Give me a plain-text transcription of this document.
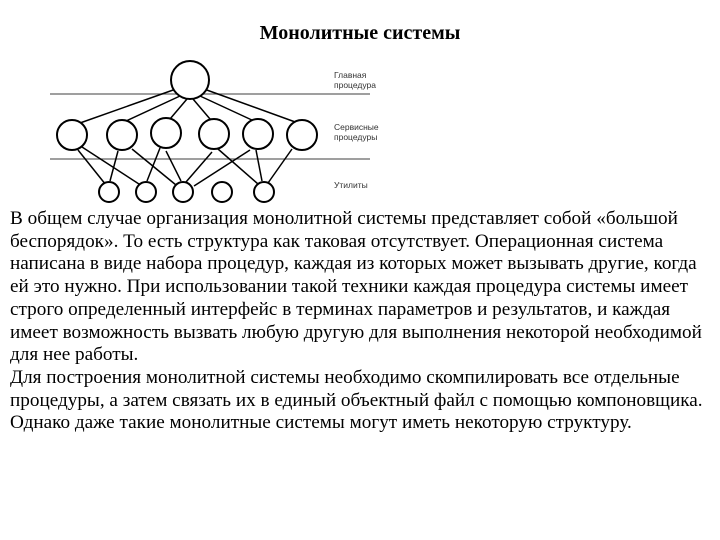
Монолитные системы
Главная процедура
Сервисные процедуры
Утилиты

В общем случае организация монолитной системы представляет собой «большой беспорядок». То есть структура как таковая отсутствует. Операционная система написана в виде набора процедур, каждая из которых может вызывать другие, когда ей это нужно. При использовании такой техники каждая процедура системы имеет строго определенный интерфейс в терминах параметров и результатов, и каждая имеет возможность вызвать любую другую для выполнения некоторой необходимой для нее работы.

Для построения монолитной системы необходимо скомпилировать все отдельные процедуры, а затем связать их в единый объектный файл с помощью компоновщика.

Однако даже такие монолитные системы могут иметь некоторую структуру.
